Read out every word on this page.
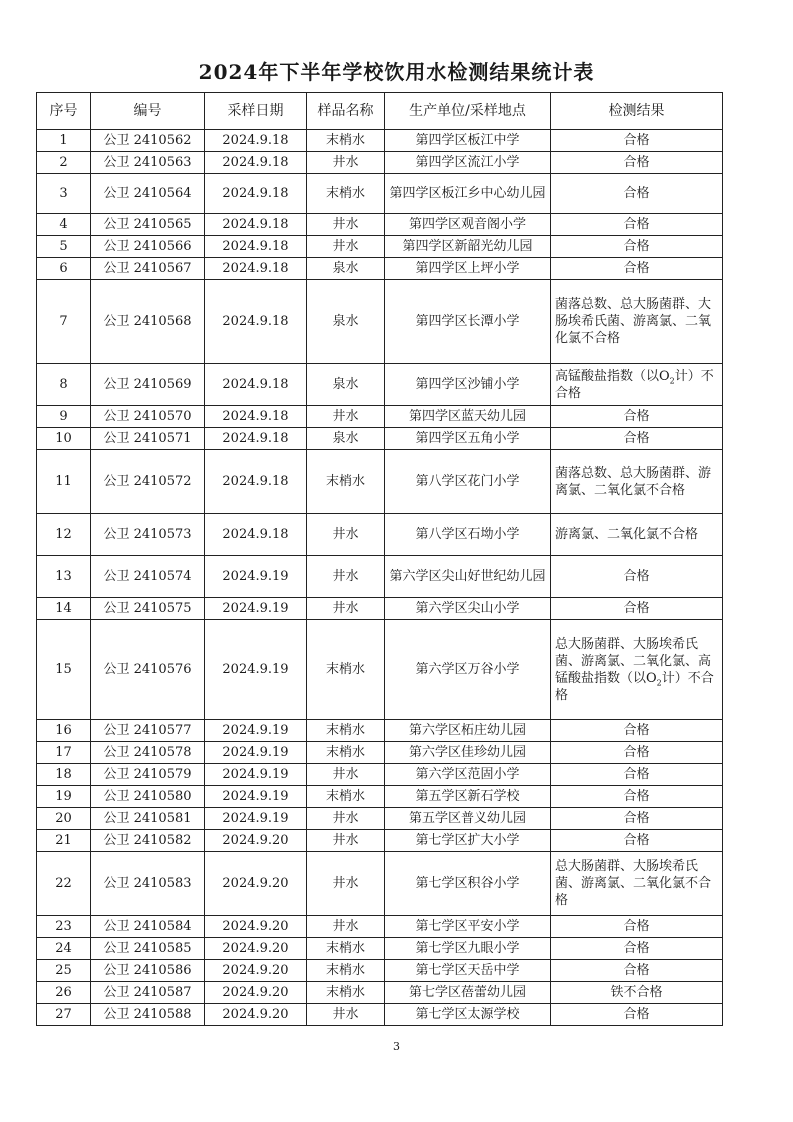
2024年下半年学校饮用水检测结果统计表
序号	编号	采样日期	样品名称	生产单位/采样地点	检测结果
1	公卫 2410562	2024.9.18	末梢水	第四学区板江中学	合格
2	公卫 2410563	2024.9.18	井水	第四学区流江小学	合格
3	公卫 2410564	2024.9.18	末梢水	第四学区板江乡中心幼儿园	合格
4	公卫 2410565	2024.9.18	井水	第四学区观音阁小学	合格
5	公卫 2410566	2024.9.18	井水	第四学区新韶光幼儿园	合格
6	公卫 2410567	2024.9.18	泉水	第四学区上坪小学	合格
7	公卫 2410568	2024.9.18	泉水	第四学区长潭小学	菌落总数、总大肠菌群、大肠埃希氏菌、游离氯、二氧化氯不合格
8	公卫 2410569	2024.9.18	泉水	第四学区沙铺小学	高锰酸盐指数（以$O_2$计）不合格
9	公卫 2410570	2024.9.18	井水	第四学区蓝天幼儿园	合格
10	公卫 2410571	2024.9.18	泉水	第四学区五角小学	合格
11	公卫 2410572	2024.9.18	末梢水	第八学区花门小学	菌落总数、总大肠菌群、游离氯、二氧化氯不合格
12	公卫 2410573	2024.9.18	井水	第八学区石坳小学	游离氯、二氧化氯不合格
13	公卫 2410574	2024.9.19	井水	第六学区尖山好世纪幼儿园	合格
14	公卫 2410575	2024.9.19	井水	第六学区尖山小学	合格
15	公卫 2410576	2024.9.19	末梢水	第六学区万谷小学	总大肠菌群、大肠埃希氏菌、游离氯、二氧化氯、高锰酸盐指数（以$O_2$计）不合格
16	公卫 2410577	2024.9.19	末梢水	第六学区柘庄幼儿园	合格
17	公卫 2410578	2024.9.19	末梢水	第六学区佳珍幼儿园	合格
18	公卫 2410579	2024.9.19	井水	第六学区范固小学	合格
19	公卫 2410580	2024.9.19	末梢水	第五学区新石学校	合格
20	公卫 2410581	2024.9.19	井水	第五学区普义幼儿园	合格
21	公卫 2410582	2024.9.20	井水	第七学区扩大小学	合格
22	公卫 2410583	2024.9.20	井水	第七学区积谷小学	总大肠菌群、大肠埃希氏菌、游离氯、二氧化氯不合格
23	公卫 2410584	2024.9.20	井水	第七学区平安小学	合格
24	公卫 2410585	2024.9.20	末梢水	第七学区九眼小学	合格
25	公卫 2410586	2024.9.20	末梢水	第七学区天岳中学	合格
26	公卫 2410587	2024.9.20	末梢水	第七学区蓓蕾幼儿园	铁不合格
27	公卫 2410588	2024.9.20	井水	第七学区太源学校	合格
3
